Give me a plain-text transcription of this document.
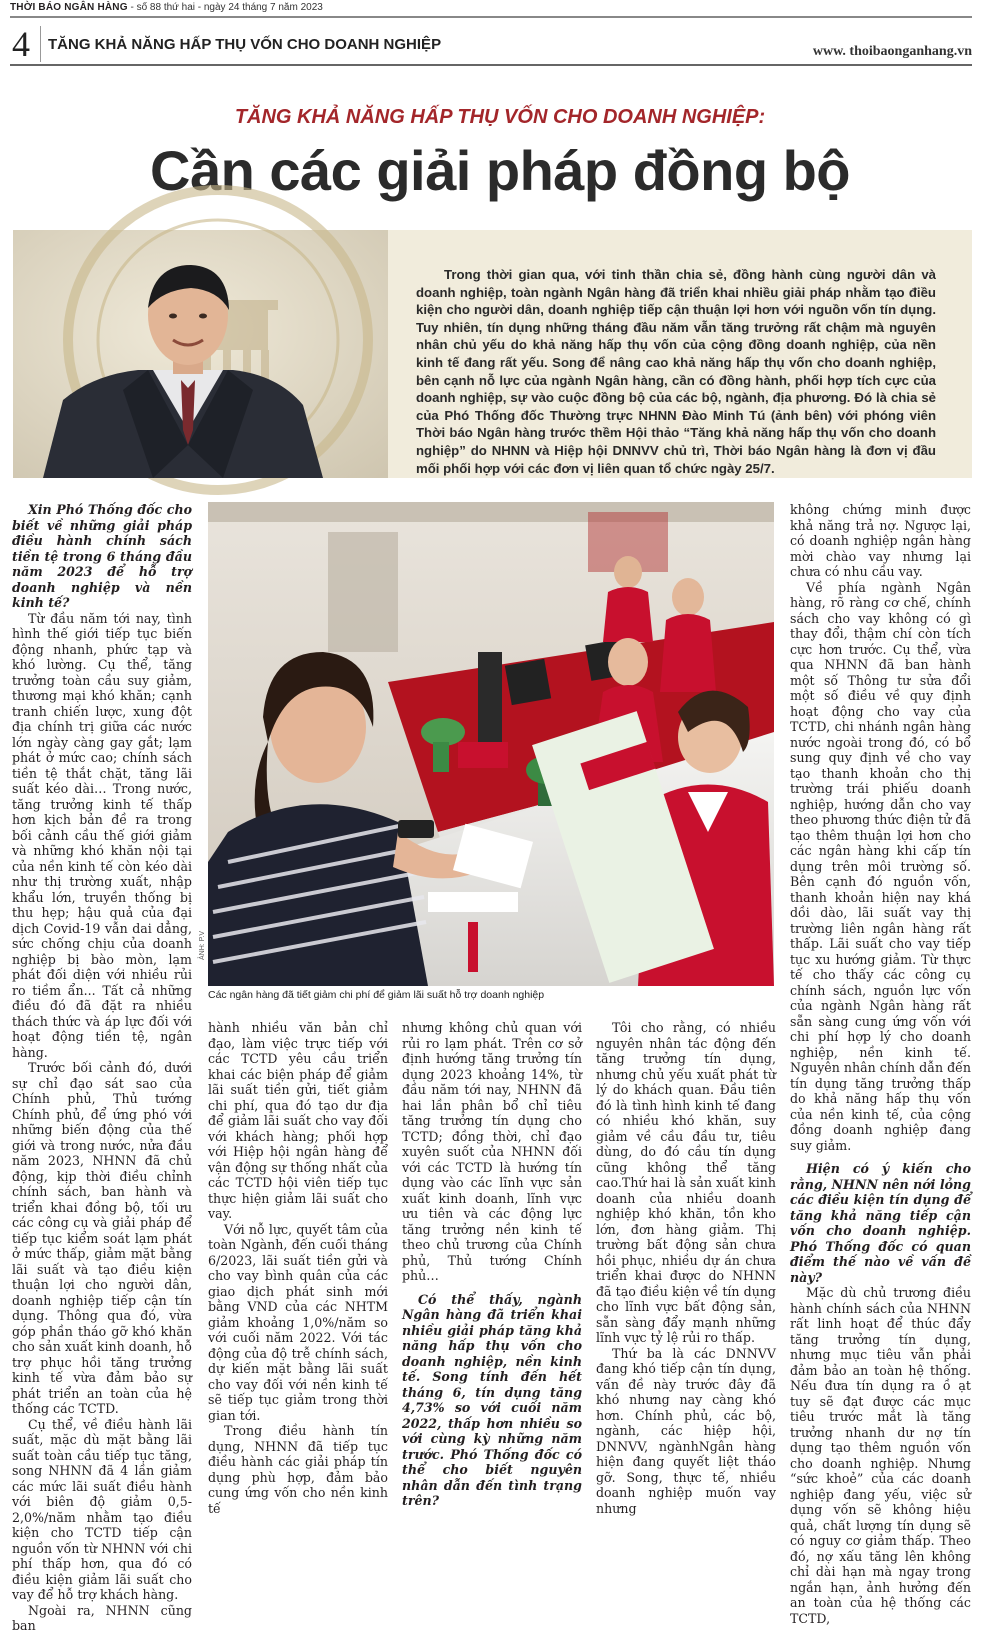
THỜI BÁO NGÂN HÀNG - số 88 thứ hai - ngày 24 tháng 7 năm 2023
4 TĂNG KHẢ NĂNG HẤP THỤ VỐN CHO DOANH NGHIỆP	www. thoibaonganhang.vn
TĂNG KHẢ NĂNG HẤP THỤ VỐN CHO DOANH NGHIỆP:
Cần các giải pháp đồng bộ

Trong thời gian qua, với tinh thần chia sẻ, đồng hành cùng người dân và doanh nghiệp, toàn ngành Ngân hàng đã triển khai nhiều giải pháp nhằm tạo điều kiện cho người dân, doanh nghiệp tiếp cận thuận lợi hơn với nguồn vốn tín dụng. Tuy nhiên, tín dụng những tháng đầu năm vẫn tăng trưởng rất chậm mà nguyên nhân chủ yếu do khả năng hấp thụ vốn của cộng đồng doanh nghiệp, của nền kinh tế đang rất yếu. Song để nâng cao khả năng hấp thụ vốn cho doanh nghiệp, bên cạnh nỗ lực của ngành Ngân hàng, cần có đồng hành, phối hợp tích cực của doanh nghiệp, sự vào cuộc đồng bộ của các bộ, ngành, địa phương. Đó là chia sẻ của Phó Thống đốc Thường trực NHNN Đào Minh Tú (ảnh bên) với phóng viên Thời báo Ngân hàng trước thềm Hội thảo “Tăng khả năng hấp thụ vốn cho doanh nghiệp” do NHNN và Hiệp hội DNNVV chủ trì, Thời báo Ngân hàng là đơn vị đầu mối phối hợp với các đơn vị liên quan tổ chức ngày 25/7.

ẢNH: P.V
Các ngân hàng đã tiết giảm chi phí để giảm lãi suất hỗ trợ doanh nghiệp

Xin Phó Thống đốc cho biết về những giải pháp điều hành chính sách tiền tệ trong 6 tháng đầu năm 2023 để hỗ trợ doanh nghiệp và nền kinh tế?

Từ đầu năm tới nay, tình hình thế giới tiếp tục biến động nhanh, phức tạp và khó lường. Cụ thể, tăng trưởng toàn cầu suy giảm, thương mại khó khăn; cạnh tranh chiến lược, xung đột địa chính trị giữa các nước lớn ngày càng gay gắt; lạm phát ở mức cao; chính sách tiền tệ thắt chặt, tăng lãi suất kéo dài… Trong nước, tăng trưởng kinh tế thấp hơn kịch bản đề ra trong bối cảnh cầu thế giới giảm và những khó khăn nội tại của nền kinh tế còn kéo dài như thị trường xuất, nhập khẩu lớn, truyền thống bị thu hẹp; hậu quả của đại dịch Covid-19 vẫn dai dẳng, sức chống chịu của doanh nghiệp bị bào mòn, lạm phát đối diện với nhiều rủi ro tiềm ẩn... Tất cả những điều đó đã đặt ra nhiều thách thức và áp lực đối với hoạt động tiền tệ, ngân hàng.

Trước bối cảnh đó, dưới sự chỉ đạo sát sao của Chính phủ, Thủ tướng Chính phủ, để ứng phó với những biến động của thế giới và trong nước, nửa đầu năm 2023, NHNN đã chủ động, kịp thời điều chỉnh chính sách, ban hành và triển khai đồng bộ, tối ưu các công cụ và giải pháp để tiếp tục kiểm soát lạm phát ở mức thấp, giảm mặt bằng lãi suất và tạo điều kiện thuận lợi cho người dân, doanh nghiệp tiếp cận tín dụng. Thông qua đó, vừa góp phần tháo gỡ khó khăn cho sản xuất kinh doanh, hỗ trợ phục hồi tăng trưởng kinh tế vừa đảm bảo sự phát triển an toàn của hệ thống các TCTD.

Cụ thể, về điều hành lãi suất, mặc dù mặt bằng lãi suất toàn cầu tiếp tục tăng, song NHNN đã 4 lần giảm các mức lãi suất điều hành với biên độ giảm 0,5-2,0%/năm nhằm tạo điều kiện cho TCTD tiếp cận nguồn vốn từ NHNN với chi phí thấp hơn, qua đó có điều kiện giảm lãi suất cho vay để hỗ trợ khách hàng.

Ngoài ra, NHNN cũng ban

hành nhiều văn bản chỉ đạo, làm việc trực tiếp với các TCTD yêu cầu triển khai các biện pháp để giảm lãi suất tiền gửi, tiết giảm chi phí, qua đó tạo dư địa để giảm lãi suất cho vay đối với khách hàng; phối hợp với Hiệp hội ngân hàng để vận động sự thống nhất của các TCTD hội viên tiếp tục thực hiện giảm lãi suất cho vay.

Với nỗ lực, quyết tâm của toàn Ngành, đến cuối tháng 6/2023, lãi suất tiền gửi và cho vay bình quân của các giao dịch phát sinh mới bằng VND của các NHTM giảm khoảng 1,0%/năm so với cuối năm 2022. Với tác động của độ trễ chính sách, dự kiến mặt bằng lãi suất cho vay đối với nền kinh tế sẽ tiếp tục giảm trong thời gian tới.

Trong điều hành tín dụng, NHNN đã tiếp tục điều hành các giải pháp tín dụng phù hợp, đảm bảo cung ứng vốn cho nền kinh tế

nhưng không chủ quan với rủi ro lạm phát. Trên cơ sở định hướng tăng trưởng tín dụng 2023 khoảng 14%, từ đầu năm tới nay, NHNN đã hai lần phân bổ chỉ tiêu tăng trưởng tín dụng cho TCTD; đồng thời, chỉ đạo xuyên suốt của NHNN đối với các TCTD là hướng tín dụng vào các lĩnh vực sản xuất kinh doanh, lĩnh vực ưu tiên và các động lực tăng trưởng nền kinh tế theo chủ trương của Chính phủ, Thủ tướng Chính phủ…

Có thể thấy, ngành Ngân hàng đã triển khai nhiều giải pháp tăng khả năng hấp thụ vốn cho doanh nghiệp, nền kinh tế. Song tính đến hết tháng 6, tín dụng tăng 4,73% so với cuối năm 2022, thấp hơn nhiều so với cùng kỳ những năm trước. Phó Thống đốc có thể cho biết nguyên nhân dẫn đến tình trạng trên?

Tôi cho rằng, có nhiều nguyên nhân tác động đến tăng trưởng tín dụng, nhưng chủ yếu xuất phát từ lý do khách quan. Đầu tiên đó là tình hình kinh tế đang có nhiều khó khăn, suy giảm về cầu đầu tư, tiêu dùng, do đó cầu tín dụng cũng không thể tăng cao.Thứ hai là sản xuất kinh doanh của nhiều doanh nghiệp khó khăn, tồn kho lớn, đơn hàng giảm. Thị trường bất động sản chưa hồi phục, nhiều dự án chưa triển khai được do NHNN đã tạo điều kiện về tín dụng cho lĩnh vực bất động sản, sẵn sàng đẩy mạnh những lĩnh vực tỷ lệ rủi ro thấp.

Thứ ba là các DNNVV đang khó tiếp cận tín dụng, vấn đề này trước đây đã khó nhưng nay càng khó hơn. Chính phủ, các bộ, ngành, các hiệp hội, DNNVV, ngànhNgân hàng hiện đang quyết liệt tháo gỡ. Song, thực tế, nhiều doanh nghiệp muốn vay nhưng

không chứng minh được khả năng trả nợ. Ngược lại, có doanh nghiệp ngân hàng mời chào vay nhưng lại chưa có nhu cầu vay.

Về phía ngành Ngân hàng, rõ ràng cơ chế, chính sách cho vay không có gì thay đổi, thậm chí còn tích cực hơn trước. Cụ thể, vừa qua NHNN đã ban hành một số Thông tư sửa đổi một số điều về quy định hoạt động cho vay của TCTD, chi nhánh ngân hàng nước ngoài trong đó, có bổ sung quy định về cho vay tạo thanh khoản cho thị trường trái phiếu doanh nghiệp, hướng dẫn cho vay theo phương thức điện tử đã tạo thêm thuận lợi hơn cho các ngân hàng khi cấp tín dụng trên môi trường số. Bên cạnh đó nguồn vốn, thanh khoản hiện nay khá dồi dào, lãi suất vay thị trường liên ngân hàng rất thấp. Lãi suất cho vay tiếp tục xu hướng giảm. Từ thực tế cho thấy các công cụ chính sách, nguồn lực vốn của ngành Ngân hàng rất sẵn sàng cung ứng vốn với chi phí hợp lý cho doanh nghiệp, nền kinh tế. Nguyên nhân chính dẫn đến tín dụng tăng trưởng thấp do khả năng hấp thụ vốn của nền kinh tế, của cộng đồng doanh nghiệp đang suy giảm.

Hiện có ý kiến cho rằng, NHNN nên nới lỏng các điều kiện tín dụng để tăng khả năng tiếp cận vốn cho doanh nghiệp. Phó Thống đốc có quan điểm thế nào về vấn đề này?

Mặc dù chủ trương điều hành chính sách của NHNN rất linh hoạt để thúc đẩy tăng trưởng tín dụng, nhưng mục tiêu vẫn phải đảm bảo an toàn hệ thống. Nếu đưa tín dụng ra ồ ạt tuy sẽ đạt được các mục tiêu trước mắt là tăng trưởng nhanh dư nợ tín dụng tạo thêm nguồn vốn cho doanh nghiệp. Nhưng “sức khoẻ” của các doanh nghiệp đang yếu, việc sử dụng vốn sẽ không hiệu quả, chất lượng tín dụng sẽ có nguy cơ giảm thấp. Theo đó, nợ xấu tăng lên không chỉ dài hạn mà ngay trong ngắn hạn, ảnh hưởng đến an toàn của hệ thống các TCTD,
